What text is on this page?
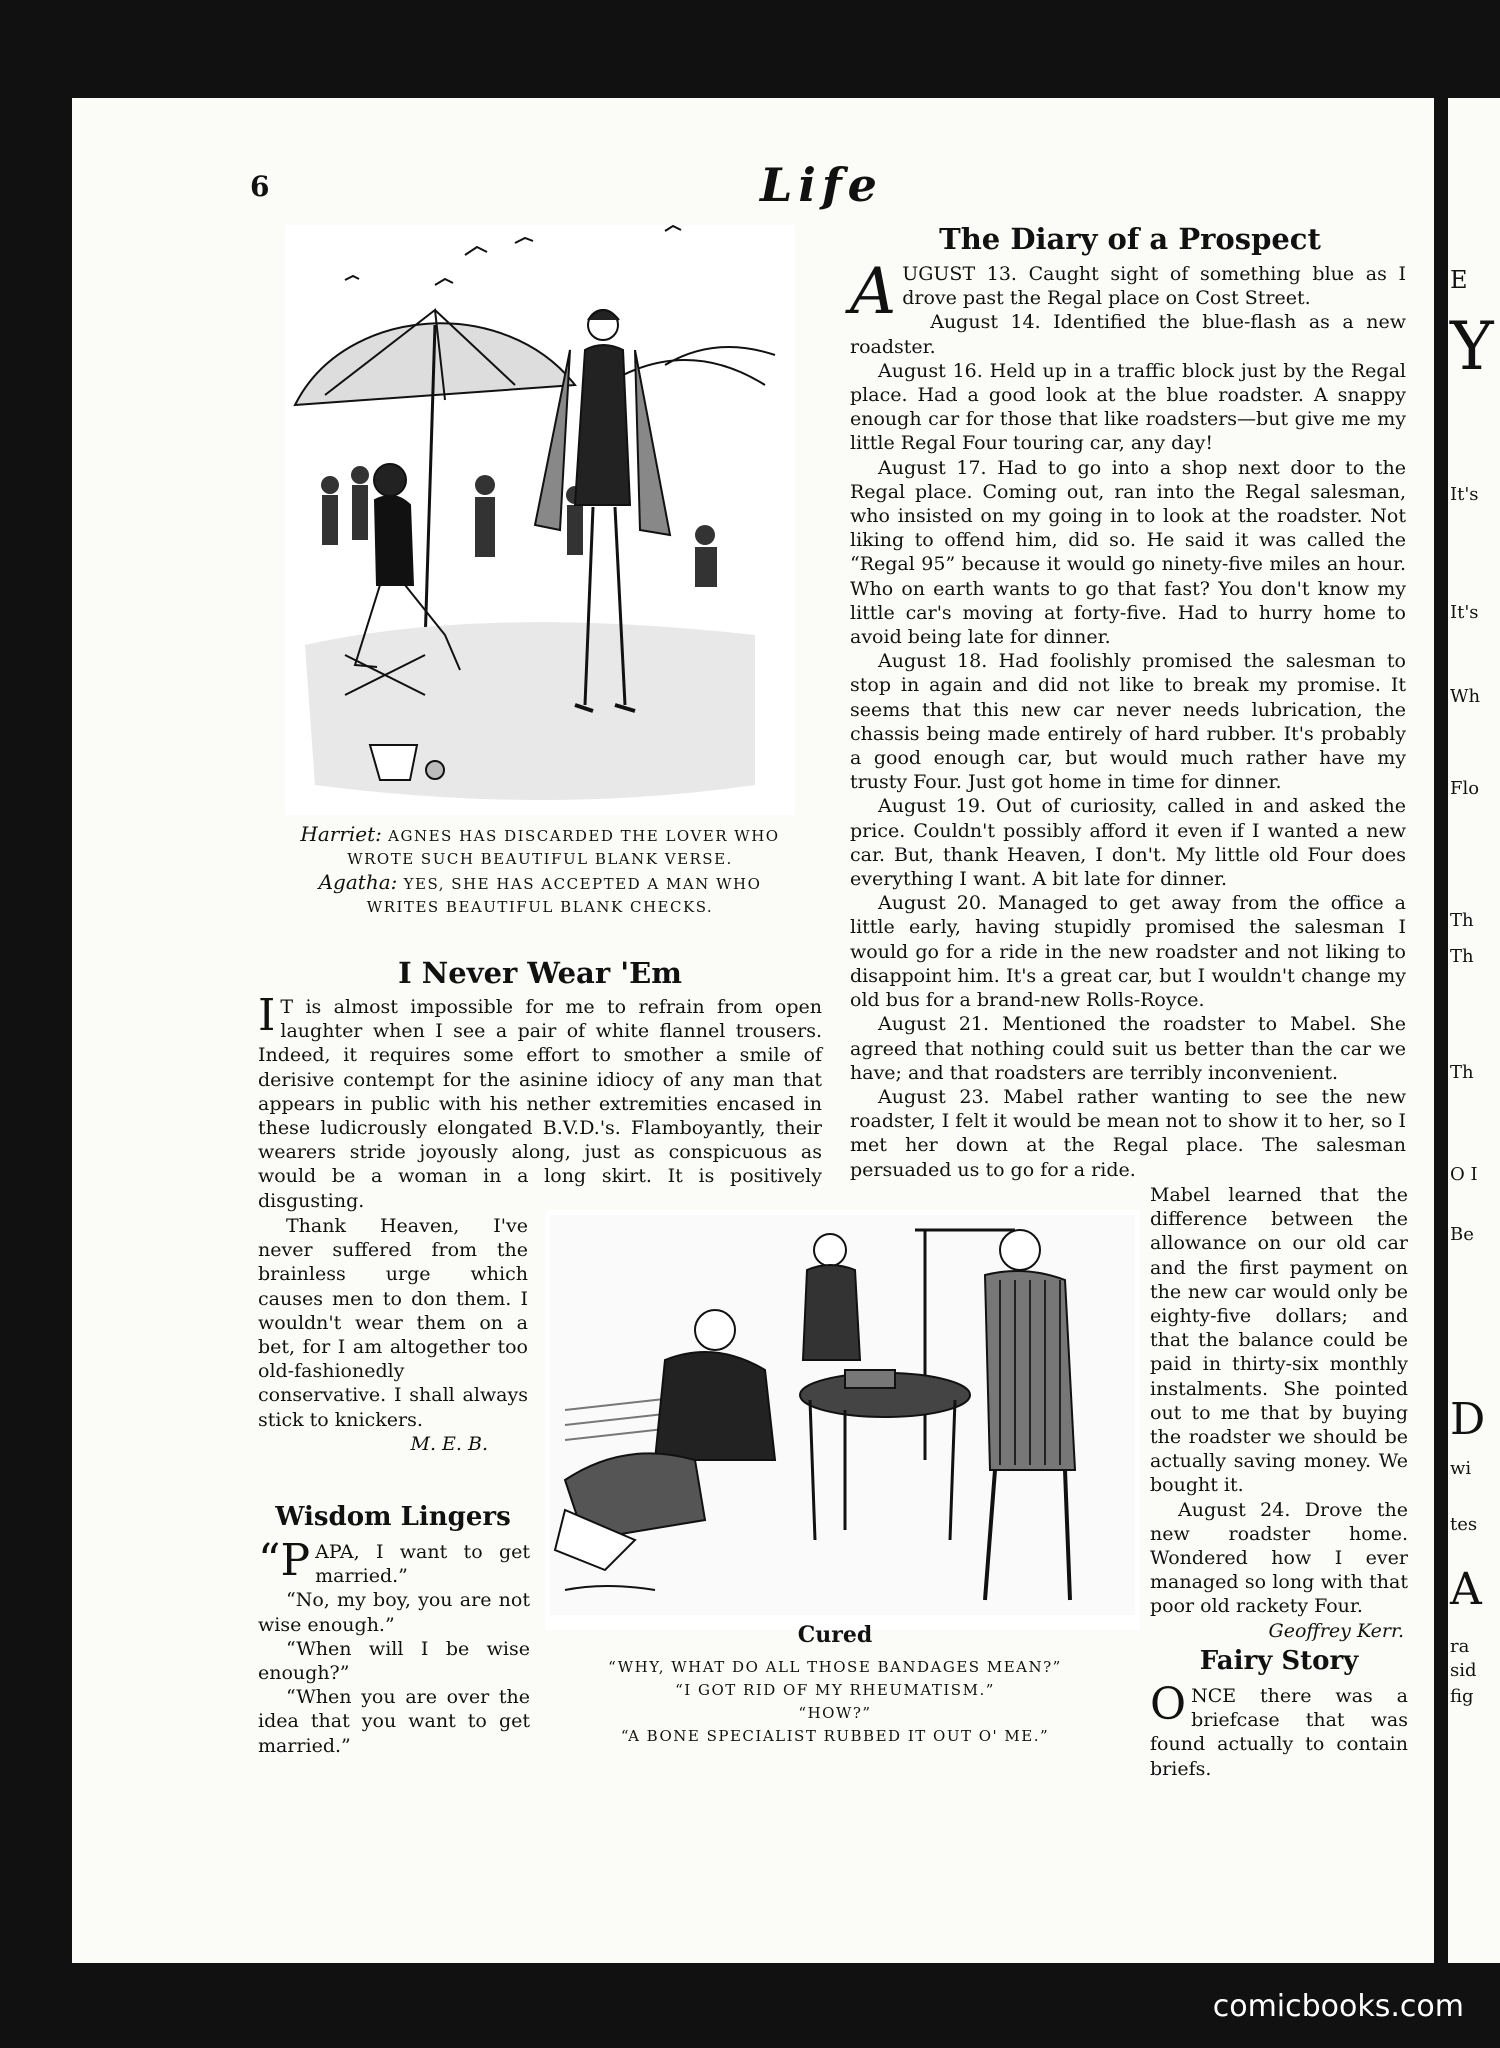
E
Y
It's
It's
Wh
Flo
Th
Th
Th
O I
Be
D
wi
tes
A
ra
sid
fig
6	Life
Harriet: AGNES HAS DISCARDED THE LOVER WHO WROTE SUCH BEAUTIFUL BLANK VERSE.
Agatha: YES, SHE HAS ACCEPTED A MAN WHO WRITES BEAUTIFUL BLANK CHECKS.
I Never Wear 'Em

I T is almost impossible for me to refrain from open laughter when I see a pair of white flannel trousers. Indeed, it requires some effort to smother a smile of derisive contempt for the asinine idiocy of any man that appears in public with his nether extremities encased in these ludicrously elongated B.V.D.'s. Flamboyantly, their wearers stride joyously along, just as conspicuous as would be a woman in a long skirt. It is positively disgusting.

Thank Heaven, I've never suffered from the brainless urge which causes men to don them. I wouldn't wear them on a bet, for I am altogether too old-fashionedly conservative. I shall always stick to knickers.

M. E. B.
Wisdom Lingers

“PAPA, I want to get married.”

“No, my boy, you are not wise enough.”

“When will I be wise enough?”

“When you are over the idea that you want to get married.”

Cured
“WHY, WHAT DO ALL THOSE BANDAGES MEAN?”
“I GOT RID OF MY RHEUMATISM.”
“HOW?”
“A BONE SPECIALIST RUBBED IT OUT O' ME.”
The Diary of a Prospect

AUGUST 13. Caught sight of something blue as I drove past the Regal place on Cost Street.

August 14. Identified the blue-flash as a new roadster.

August 16. Held up in a traffic block just by the Regal place. Had a good look at the blue roadster. A snappy enough car for those that like roadsters—but give me my little Regal Four touring car, any day!

August 17. Had to go into a shop next door to the Regal place. Coming out, ran into the Regal salesman, who insisted on my going in to look at the roadster. Not liking to offend him, did so. He said it was called the “Regal 95” because it would go ninety-five miles an hour. Who on earth wants to go that fast? You don't know my little car's moving at forty-five. Had to hurry home to avoid being late for dinner.

August 18. Had foolishly promised the salesman to stop in again and did not like to break my promise. It seems that this new car never needs lubrication, the chassis being made entirely of hard rubber. It's probably a good enough car, but would much rather have my trusty Four. Just got home in time for dinner.

August 19. Out of curiosity, called in and asked the price. Couldn't possibly afford it even if I wanted a new car. But, thank Heaven, I don't. My little old Four does everything I want. A bit late for dinner.

August 20. Managed to get away from the office a little early, having stupidly promised the salesman I would go for a ride in the new roadster and not liking to disappoint him. It's a great car, but I wouldn't change my old bus for a brand-new Rolls-Royce.

August 21. Mentioned the roadster to Mabel. She agreed that nothing could suit us better than the car we have; and that roadsters are terribly inconvenient.

August 23. Mabel rather wanting to see the new roadster, I felt it would be mean not to show it to her, so I met her down at the Regal place. The salesman persuaded us to go for a ride.

Mabel learned that the difference between the allowance on our old car and the first payment on the new car would only be eighty-five dollars; and that the balance could be paid in thirty-six monthly instalments. She pointed out to me that by buying the roadster we should be actually saving money. We bought it.

August 24. Drove the new roadster home. Wondered how I ever managed so long with that poor old rackety Four.

Geoffrey Kerr.
Fairy Story

ONCE there was a briefcase that was found actually to contain briefs.

comicbooks.com
